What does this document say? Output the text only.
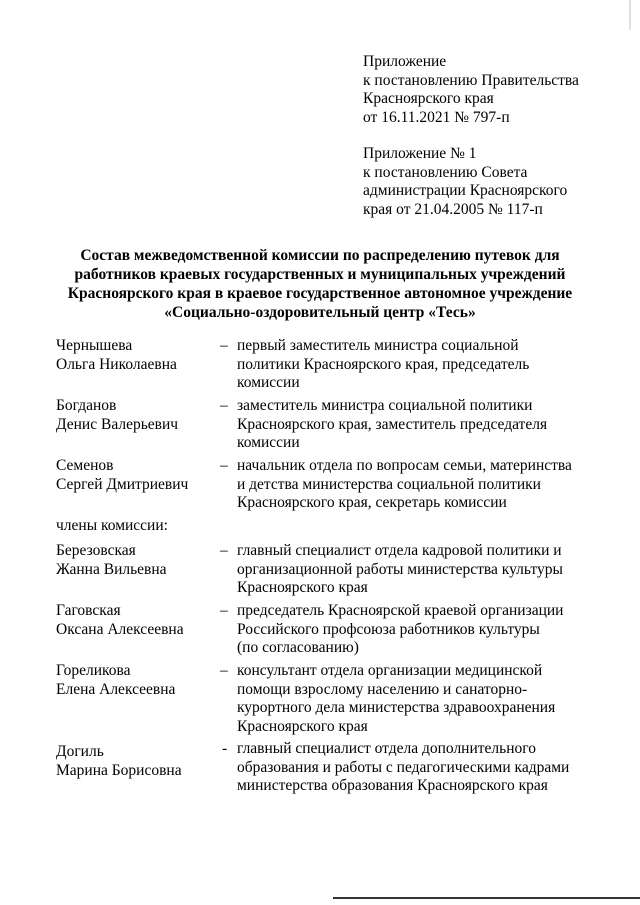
Приложение
к постановлению Правительства
Красноярского края
от 16.11.2021 № 797-п
Приложение № 1
к постановлению Совета
администрации Красноярского
края от 21.04.2005 № 117-п
Состав межведомственной комиссии по распределению путевок для
работников краевых государственных и муниципальных учреждений
Красноярского края в краевое государственное автономное учреждение
«Социально-оздоровительный центр «Тесь»
Чернышева
Ольга Николаевна
– первый заместитель министра социальной
политики Красноярского края, председатель
комиссии
Богданов
Денис Валерьевич
– заместитель министра социальной политики
Красноярского края, заместитель председателя
комиссии
Семенов
Сергей Дмитриевич
– начальник отдела по вопросам семьи, материнства
и детства министерства социальной политики
Красноярского края, секретарь комиссии
члены комиссии:
Березовская
Жанна Вильевна
– главный специалист отдела кадровой политики и
организационной работы министерства культуры
Красноярского края
Гаговская
Оксана Алексеевна
– председатель Красноярской краевой организации
Российского профсоюза работников культуры
(по согласованию)
Гореликова
Елена Алексеевна
– консультант отдела организации медицинской
помощи взрослому населению и санаторно-
курортного дела министерства здравоохранения
Красноярского края
Догиль
Марина Борисовна
- главный специалист отдела дополнительного
образования и работы с педагогическими кадрами
министерства образования Красноярского края
